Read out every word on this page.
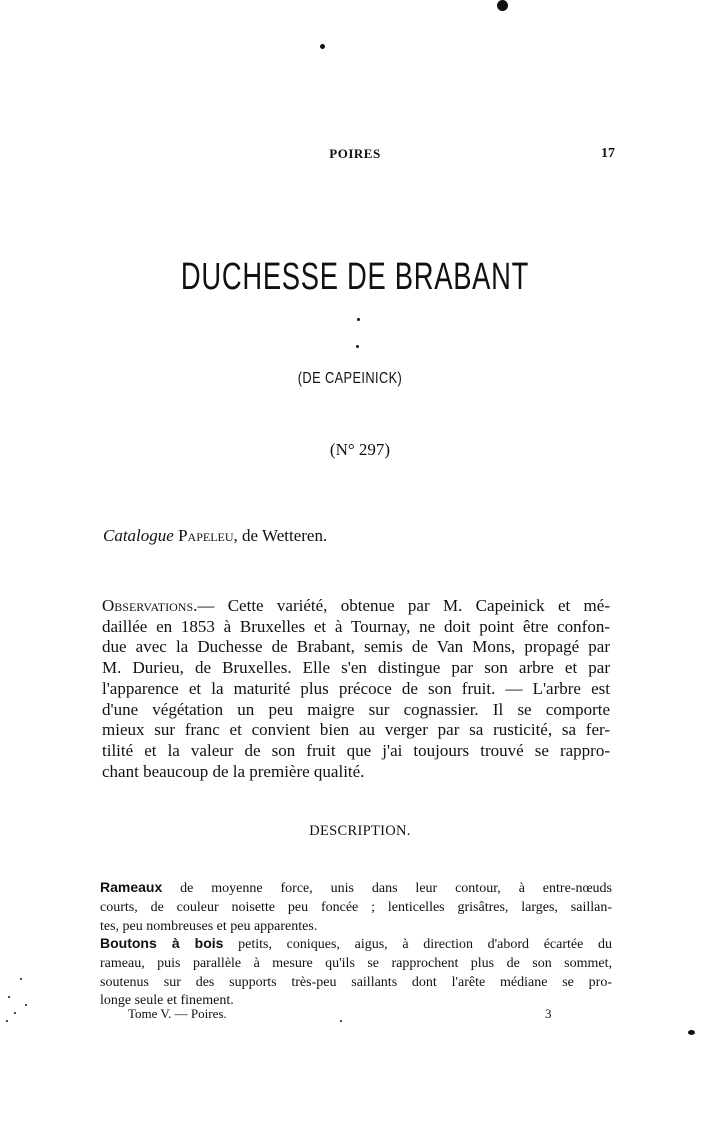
POIRES	17
DUCHESSE DE BRABANT
(DE CAPEINICK)
(N° 297)
Catalogue Papeleu, de Wetteren.
Observations.— Cette variété, obtenue par M. Capeinick et mé-
daillée en 1853 à Bruxelles et à Tournay, ne doit point être confon-
due avec la Duchesse de Brabant, semis de Van Mons, propagé par
M. Durieu, de Bruxelles. Elle s'en distingue par son arbre et par
l'apparence et la maturité plus précoce de son fruit. — L'arbre est
d'une végétation un peu maigre sur cognassier. Il se comporte
mieux sur franc et convient bien au verger par sa rusticité, sa fer-
tilité et la valeur de son fruit que j'ai toujours trouvé se rappro-
chant beaucoup de la première qualité.
DESCRIPTION.
Rameaux de moyenne force, unis dans leur contour, à entre-nœuds
courts, de couleur noisette peu foncée ; lenticelles grisâtres, larges, saillan-
tes, peu nombreuses et peu apparentes.
Boutons à bois petits, coniques, aigus, à direction d'abord écartée du
rameau, puis parallèle à mesure qu'ils se rapprochent plus de son sommet,
soutenus sur des supports très-peu saillants dont l'arête médiane se pro-
longe seule et finement.
Tome V. — Poires.	3
